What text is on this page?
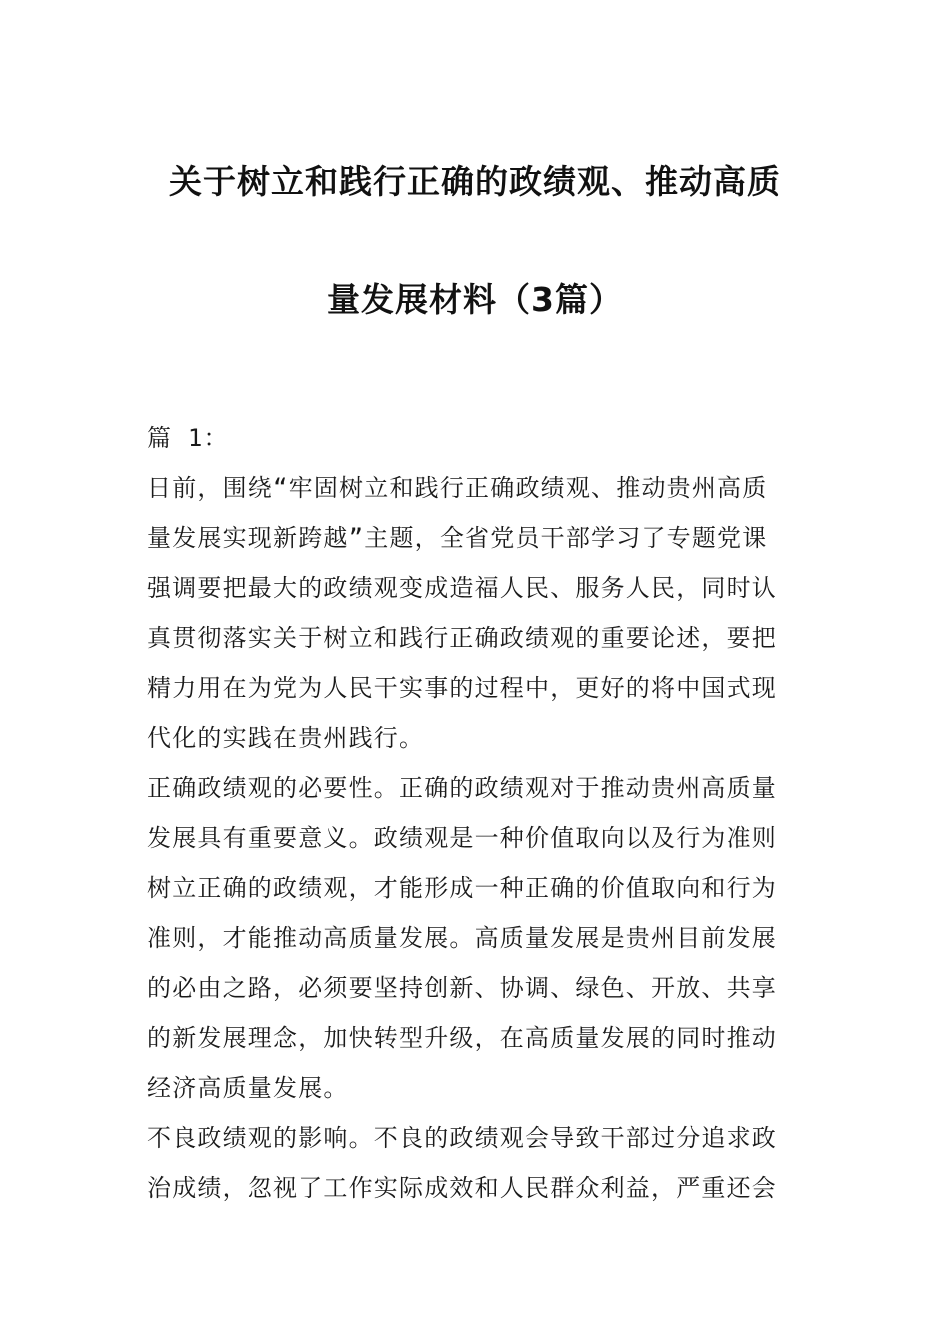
关于树立和践行正确的政绩观、推动高质
量发展材料（3篇）
篇 1：
日前，围绕“牢固树立和践行正确政绩观、推动贵州高质
量发展实现新跨越”主题，全省党员干部学习了专题党课
强调要把最大的政绩观变成造福人民、服务人民，同时认
真贯彻落实关于树立和践行正确政绩观的重要论述，要把
精力用在为党为人民干实事的过程中，更好的将中国式现
代化的实践在贵州践行。
正确政绩观的必要性。正确的政绩观对于推动贵州高质量
发展具有重要意义。政绩观是一种价值取向以及行为准则
树立正确的政绩观，才能形成一种正确的价值取向和行为
准则，才能推动高质量发展。高质量发展是贵州目前发展
的必由之路，必须要坚持创新、协调、绿色、开放、共享
的新发展理念，加快转型升级，在高质量发展的同时推动
经济高质量发展。
不良政绩观的影响。不良的政绩观会导致干部过分追求政
治成绩，忽视了工作实际成效和人民群众利益，严重还会
